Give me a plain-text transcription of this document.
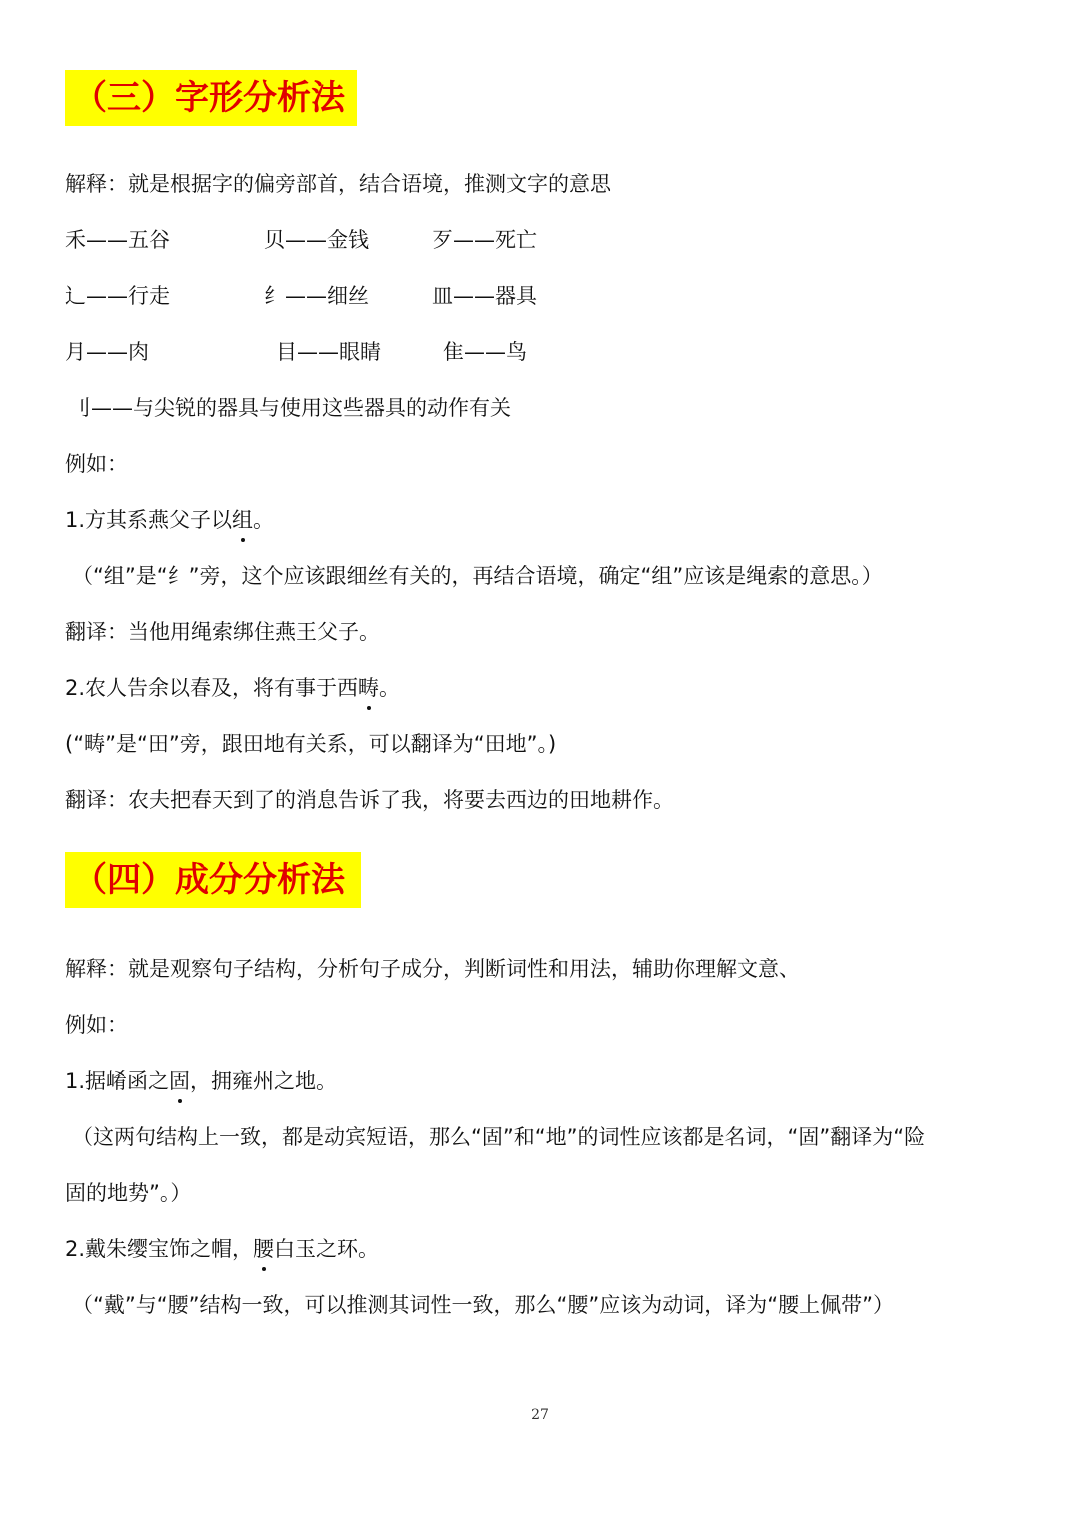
（三）字形分析法
解释：就是根据字的偏旁部首，结合语境，推测文字的意思
禾——五谷	贝——金钱	歹——死亡
辶——行走	纟——细丝	皿——器具
月——肉	目——眼睛	隹——鸟
刂——与尖锐的器具与使用这些器具的动作有关
例如：
1.方其系燕父子以组。
（“组”是“纟”旁，这个应该跟细丝有关的，再结合语境，确定“组”应该是绳索的意思。）
翻译：当他用绳索绑住燕王父子。
2.农人告余以春及，将有事于西畴。
(“畴”是“田”旁，跟田地有关系，可以翻译为“田地”。)
翻译：农夫把春天到了的消息告诉了我，将要去西边的田地耕作。
（四）成分分析法
解释：就是观察句子结构，分析句子成分，判断词性和用法，辅助你理解文意、
例如：
1.据崤函之固，拥雍州之地。
（这两句结构上一致，都是动宾短语，那么“固”和“地”的词性应该都是名词，“固”翻译为“险
固的地势”。）
2.戴朱缨宝饰之帽，腰白玉之环。
（“戴”与“腰”结构一致，可以推测其词性一致，那么“腰”应该为动词，译为“腰上佩带”）
27
